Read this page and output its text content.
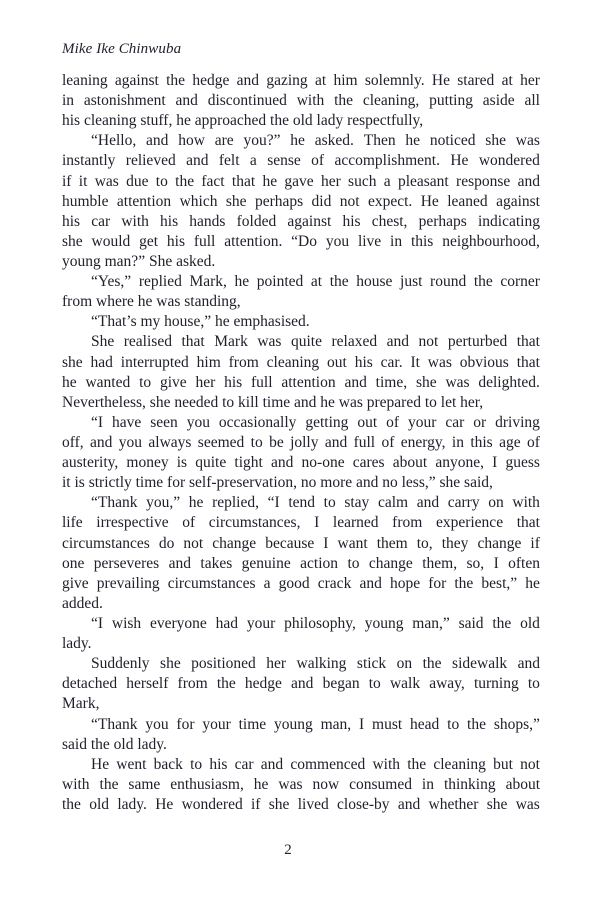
Mike Ike Chinwuba
leaning against the hedge and gazing at him solemnly. He stared at her
in astonishment and discontinued with the cleaning, putting aside all
his cleaning stuff, he approached the old lady respectfully,
“Hello, and how are you?” he asked. Then he noticed she was
instantly relieved and felt a sense of accomplishment. He wondered
if it was due to the fact that he gave her such a pleasant response and
humble attention which she perhaps did not expect. He leaned against
his car with his hands folded against his chest, perhaps indicating
she would get his full attention. “Do you live in this neighbourhood,
young man?” She asked.
“Yes,” replied Mark, he pointed at the house just round the corner
from where he was standing,
“That’s my house,” he emphasised.
She realised that Mark was quite relaxed and not perturbed that
she had interrupted him from cleaning out his car. It was obvious that
he wanted to give her his full attention and time, she was delighted.
Nevertheless, she needed to kill time and he was prepared to let her,
“I have seen you occasionally getting out of your car or driving
off, and you always seemed to be jolly and full of energy, in this age of
austerity, money is quite tight and no-one cares about anyone, I guess
it is strictly time for self-preservation, no more and no less,” she said,
“Thank you,” he replied, “I tend to stay calm and carry on with
life irrespective of circumstances, I learned from experience that
circumstances do not change because I want them to, they change if
one perseveres and takes genuine action to change them, so, I often
give prevailing circumstances a good crack and hope for the best,” he
added.
“I wish everyone had your philosophy, young man,” said the old
lady.
Suddenly she positioned her walking stick on the sidewalk and
detached herself from the hedge and began to walk away, turning to
Mark,
“Thank you for your time young man, I must head to the shops,”
said the old lady.
He went back to his car and commenced with the cleaning but not
with the same enthusiasm, he was now consumed in thinking about
the old lady. He wondered if she lived close-by and whether she was
2
